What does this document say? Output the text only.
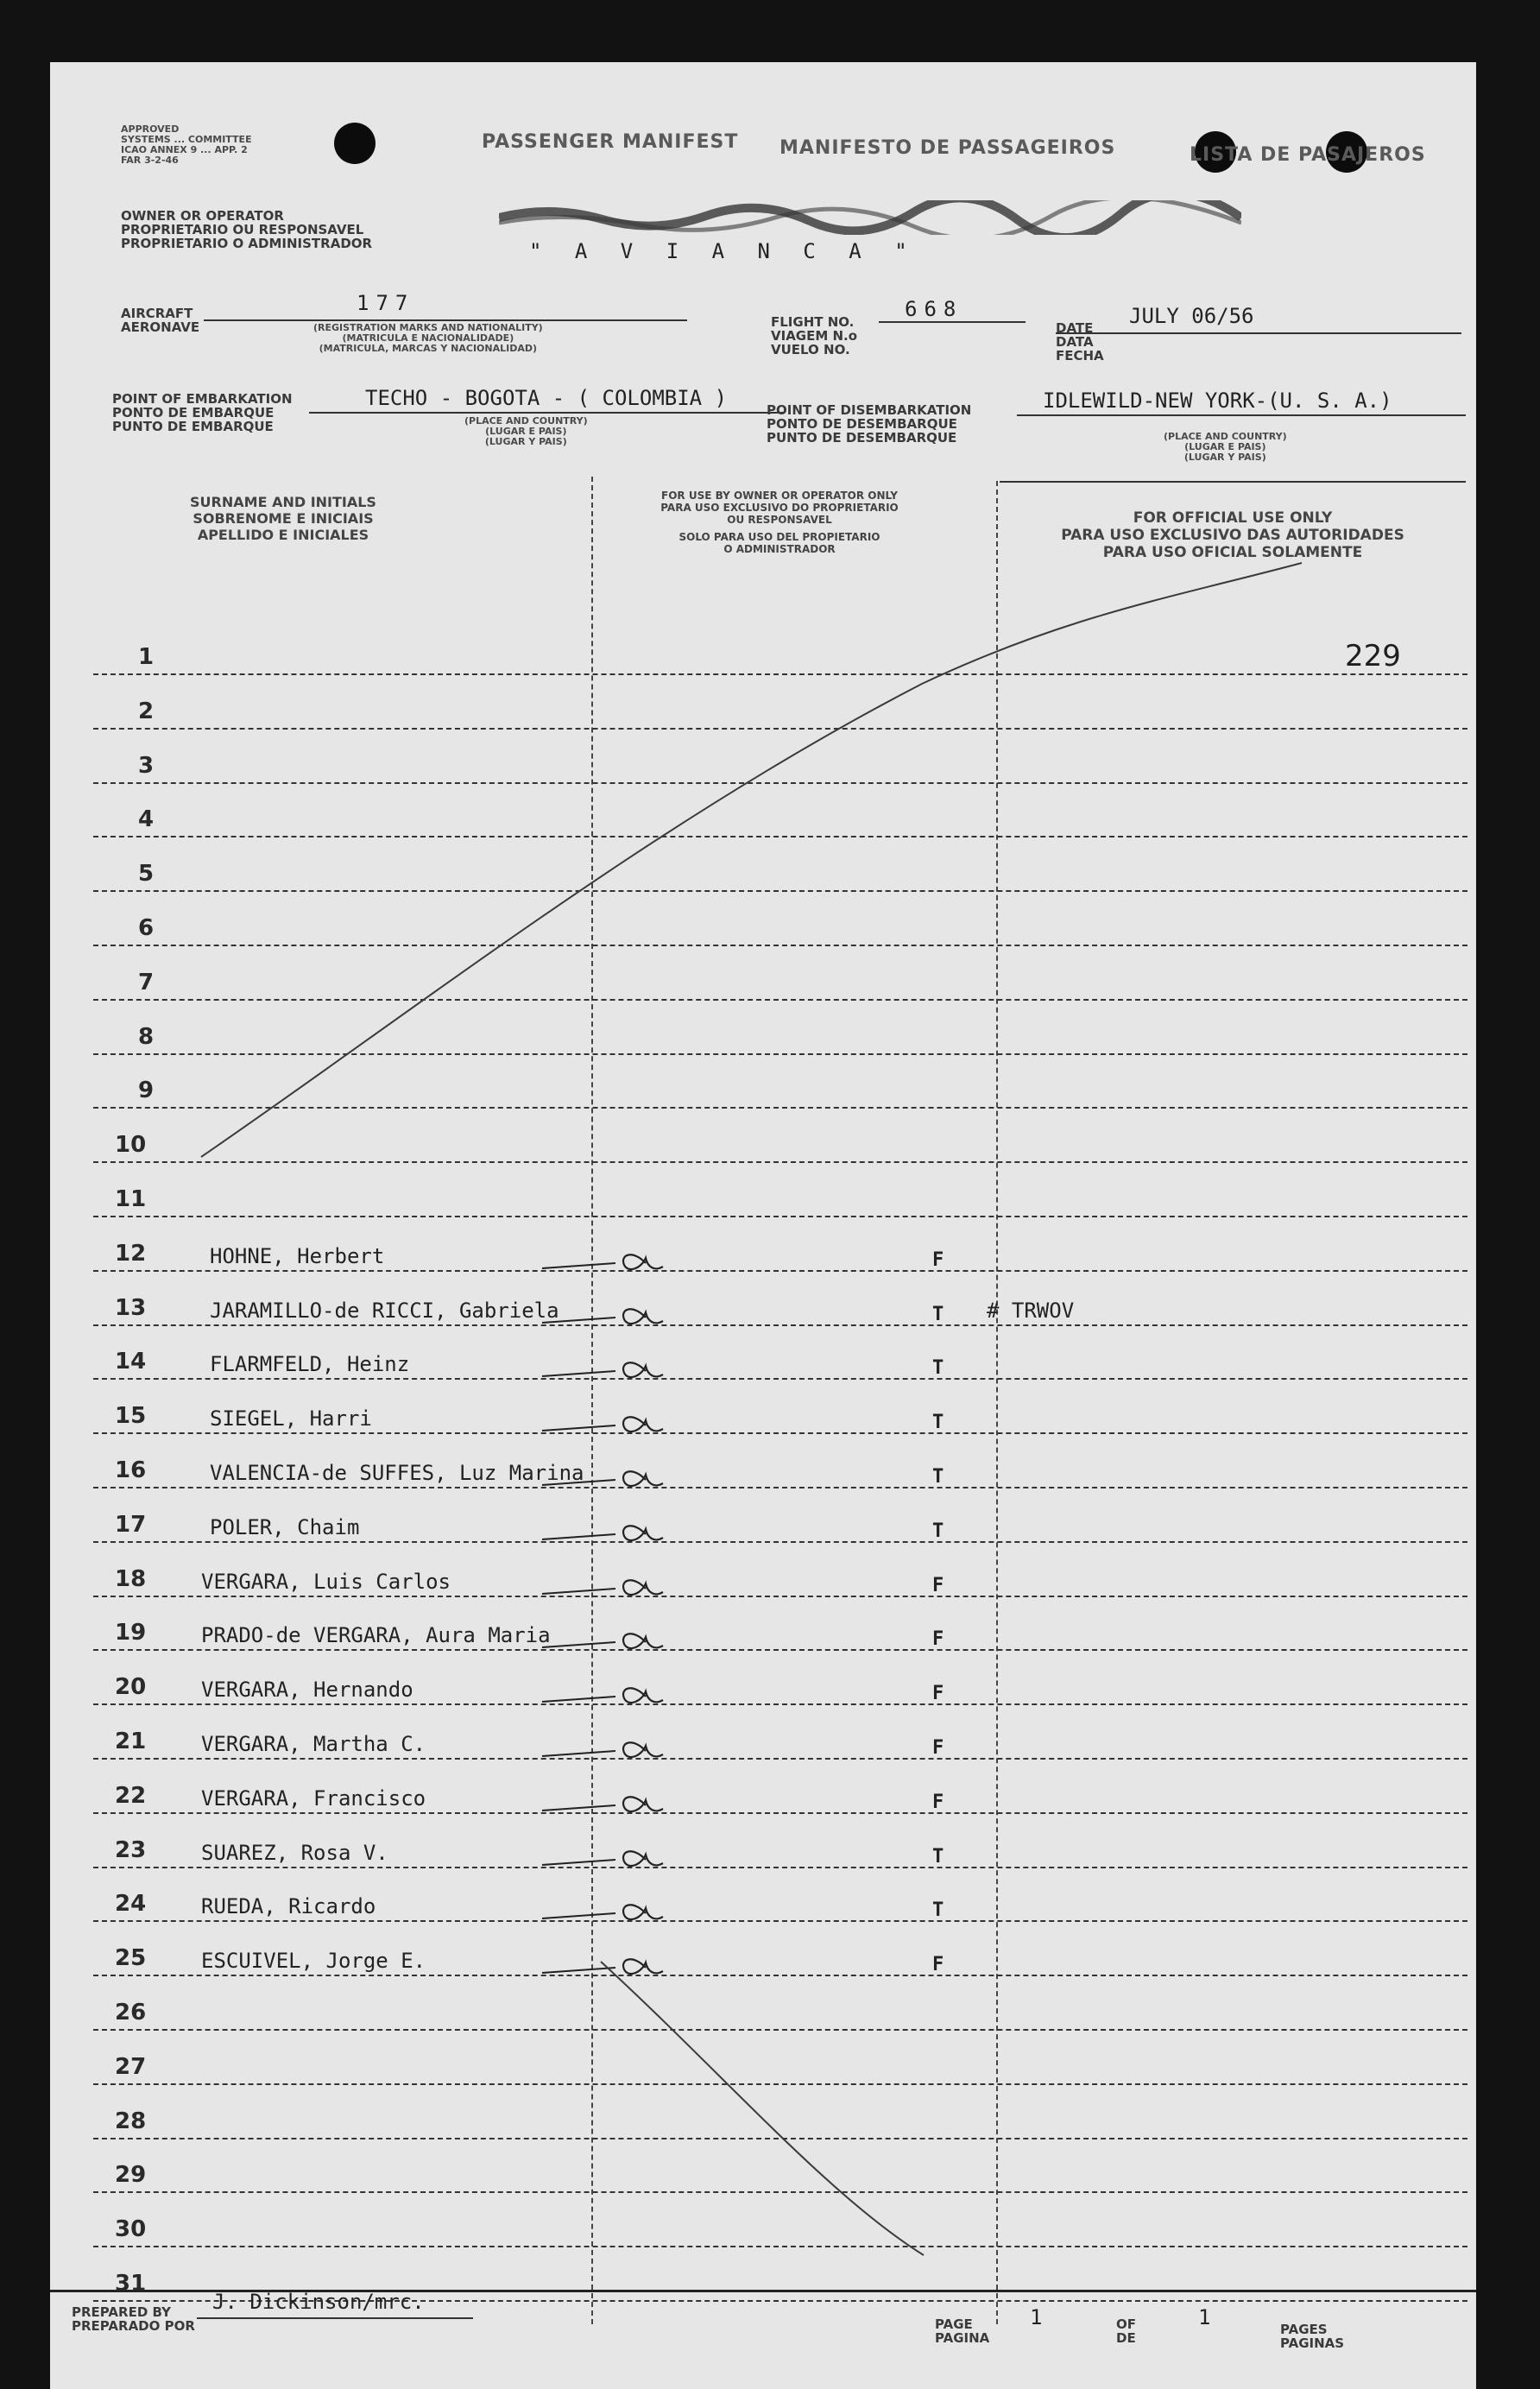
APPROVED
SYSTEMS ... COMMITTEE
ICAO ANNEX 9 ... APP. 2
FAR 3-2-46
PASSENGER MANIFEST MANIFESTO DE PASSAGEIROS	LISTA DE PASAJEROS
OWNER OR OPERATOR
PROPRIETARIO OU RESPONSAVEL
PROPRIETARIO O ADMINISTRADOR	" A V I A N C A "
AIRCRAFT
AERONAVE
177
(REGISTRATION MARKS AND NATIONALITY)
(MATRICULA E NACIONALIDADE)
(MATRICULA, MARCAS Y NACIONALIDAD)
FLIGHT NO.
VIAGEM N.o
VUELO NO.
668
DATE
DATA
FECHA
JULY 06/56
POINT OF EMBARKATION
PONTO DE EMBARQUE
PUNTO DE EMBARQUE
TECHO - BOGOTA - ( COLOMBIA )
(PLACE AND COUNTRY)
(LUGAR E PAIS)
(LUGAR Y PAIS)
POINT OF DISEMBARKATION
PONTO DE DESEMBARQUE
PUNTO DE DESEMBARQUE
IDLEWILD-NEW YORK-(U. S. A.)
(PLACE AND COUNTRY)
(LUGAR E PAIS)
(LUGAR Y PAIS)
SURNAME AND INITIALS
SOBRENOME E INICIAIS
APELLIDO E INICIALES
FOR USE BY OWNER OR OPERATOR ONLY
PARA USO EXCLUSIVO DO PROPRIETARIO
OU RESPONSAVEL
SOLO PARA USO DEL PROPIETARIO
O ADMINISTRADOR
FOR OFFICIAL USE ONLY
PARA USO EXCLUSIVO DAS AUTORIDADES
PARA USO OFICIAL SOLAMENTE
229
1
2
3
4
5
6
7
8
9
10
11
12	HOHNE, Herbert	F
13	JARAMILLO-de RICCI, Gabriela	T # TRWOV
14	FLARMFELD, Heinz	T
15	SIEGEL, Harri	T
16	VALENCIA-de SUFFES, Luz Marina	T
17	POLER, Chaim	T
18	VERGARA, Luis Carlos	F
19	PRADO-de VERGARA, Aura Maria	F
20	VERGARA, Hernando	F
21	VERGARA, Martha C.	F
22	VERGARA, Francisco	F
23	SUAREZ, Rosa V.	T
24	RUEDA, Ricardo	T
25	ESCUIVEL, Jorge E.	F
26
27
28
29
30
31
PREPARED BY
PREPARADO POR
J. Dickinson/mrc.
PAGE
PAGINA
1	OF
DE
1	PAGES
PAGINAS
